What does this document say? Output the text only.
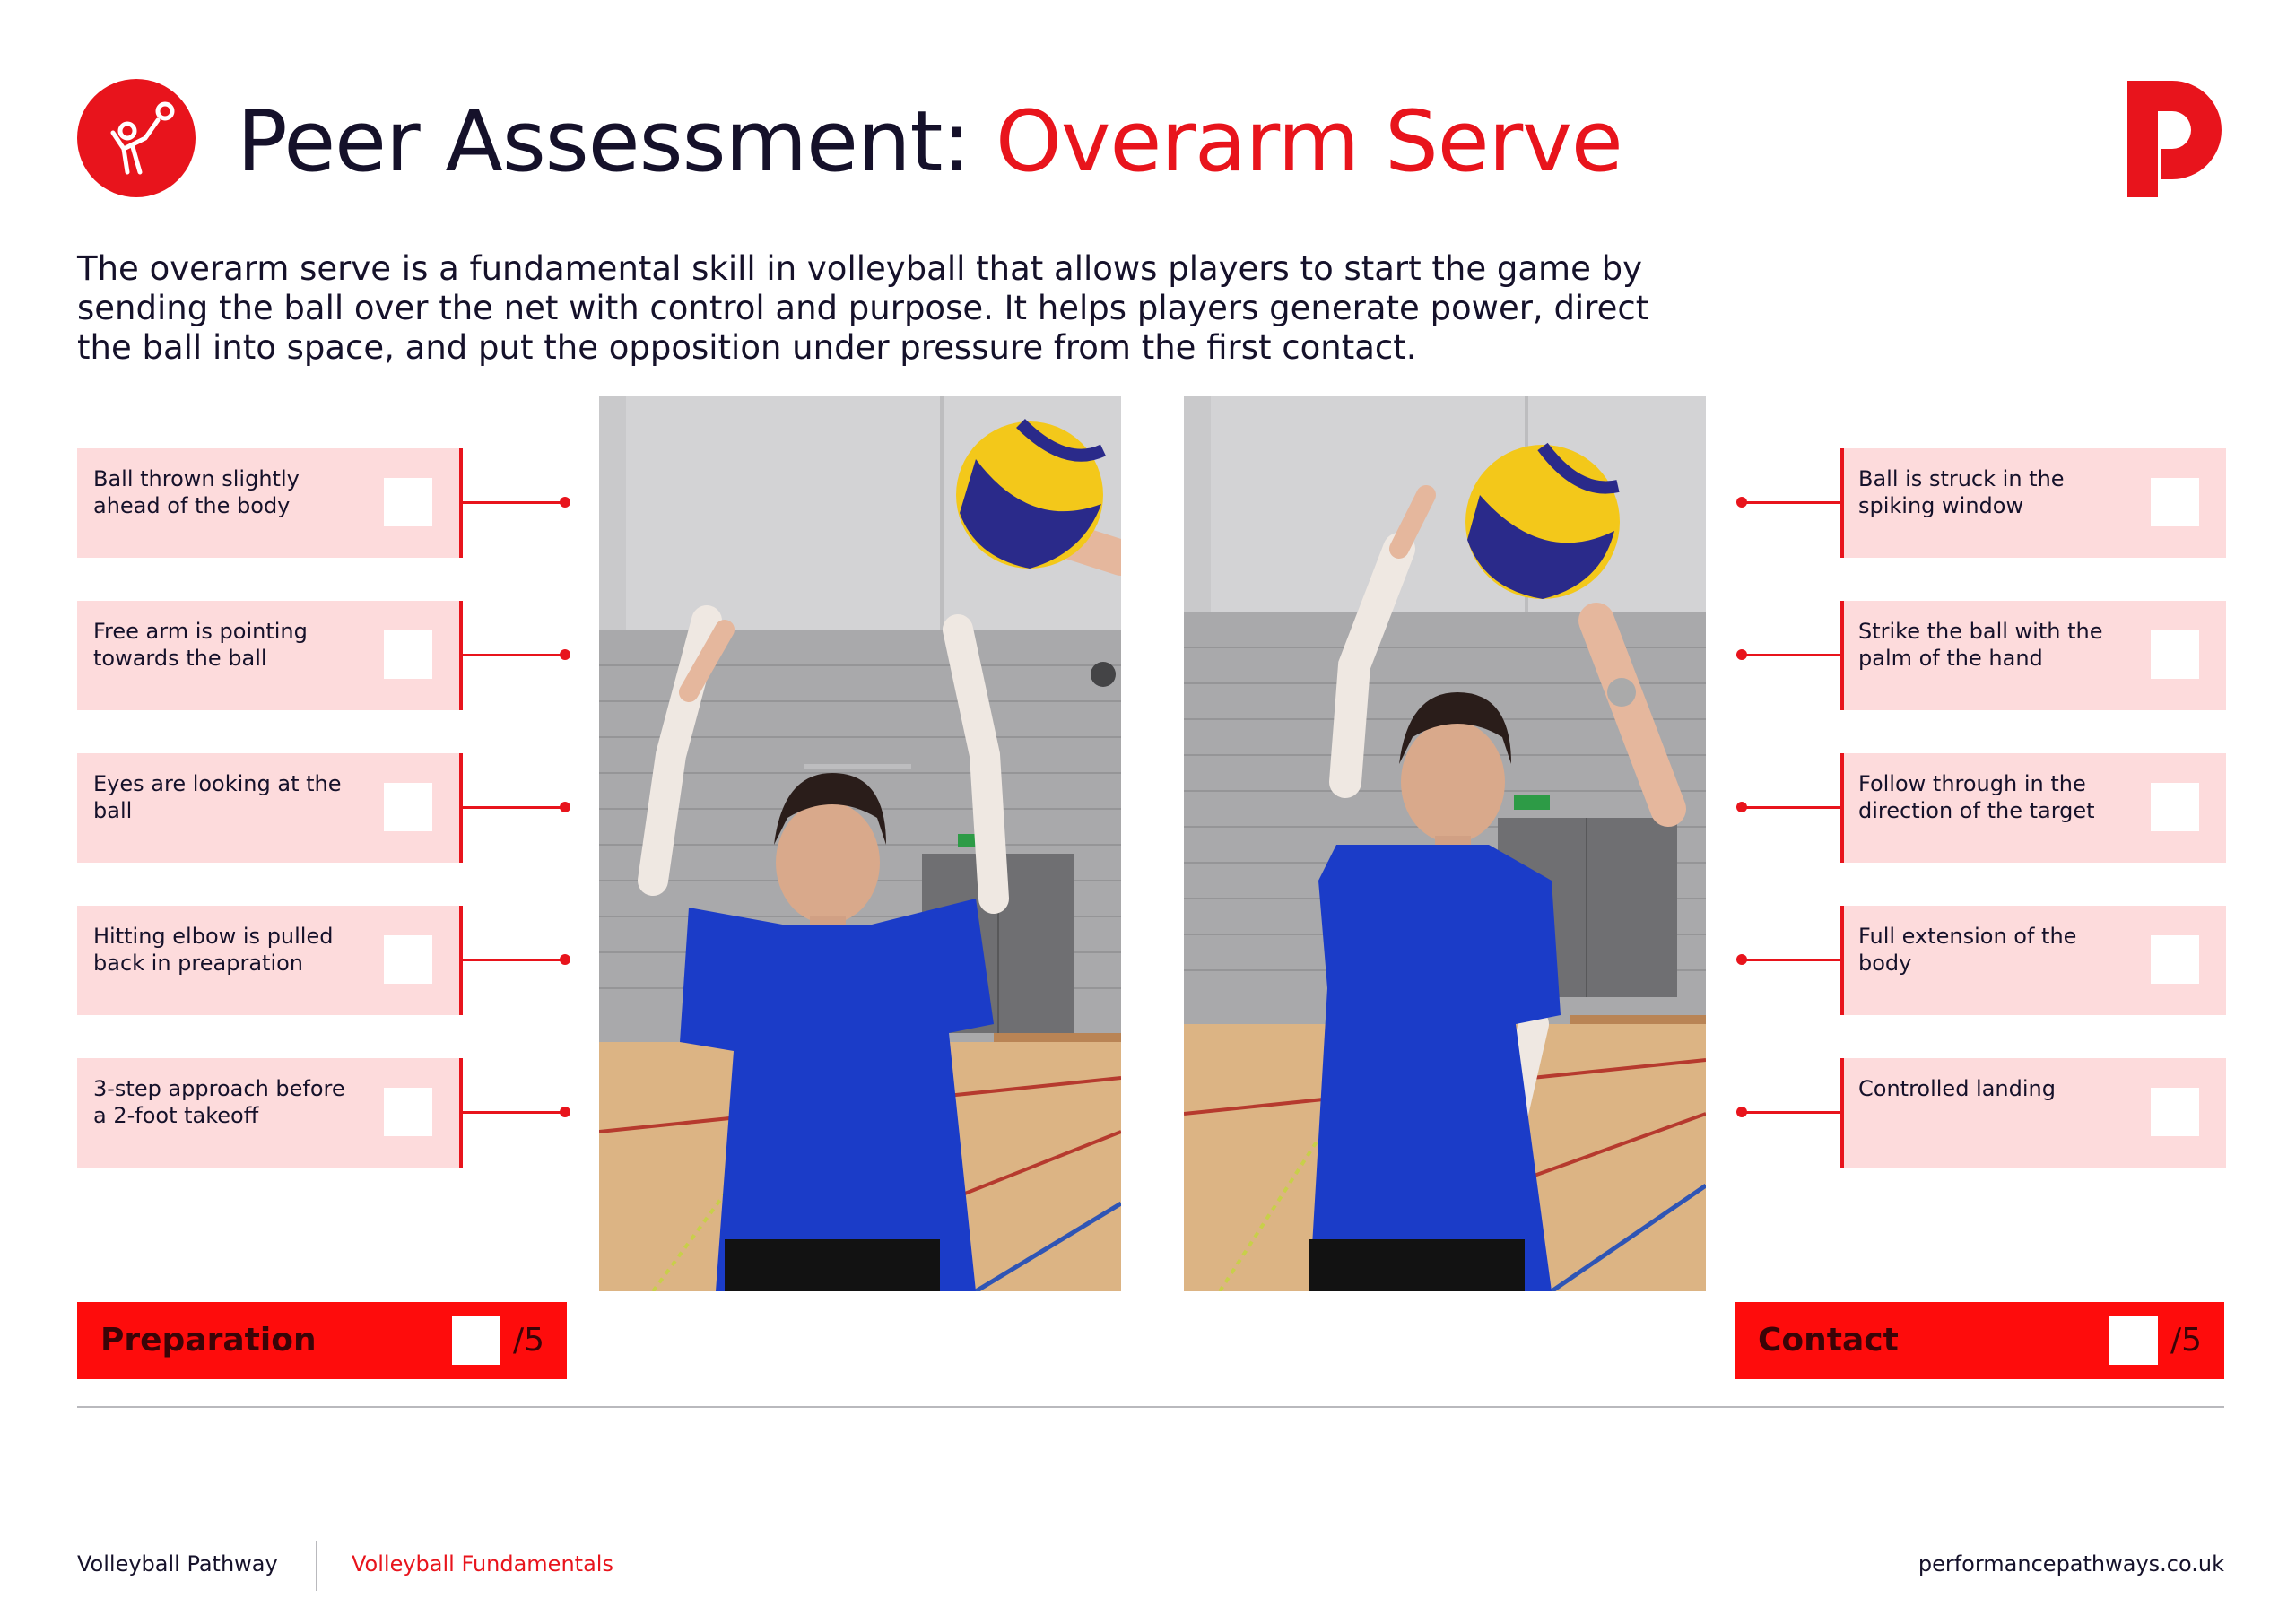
Peer Assessment: Overarm Serve
The overarm serve is a fundamental skill in volleyball that allows players to start the game by sending the ball over the net with control and purpose. It helps players generate power, direct the ball into space, and put the opposition under pressure from the first contact.
Ball thrown slightly ahead of the body
Free arm is pointing towards the ball
Eyes are looking at the ball
Hitting elbow is pulled back in preapration
3-step approach before a 2-foot takeoff
Ball is struck in the spiking window
Strike the ball with the palm of the hand
Follow through in the direction of the target
Full extension of the body
Controlled landing
Preparation	/5	Contact	/5
Volleyball Pathway	Volleyball Fundamentals	performancepathways.co.uk
